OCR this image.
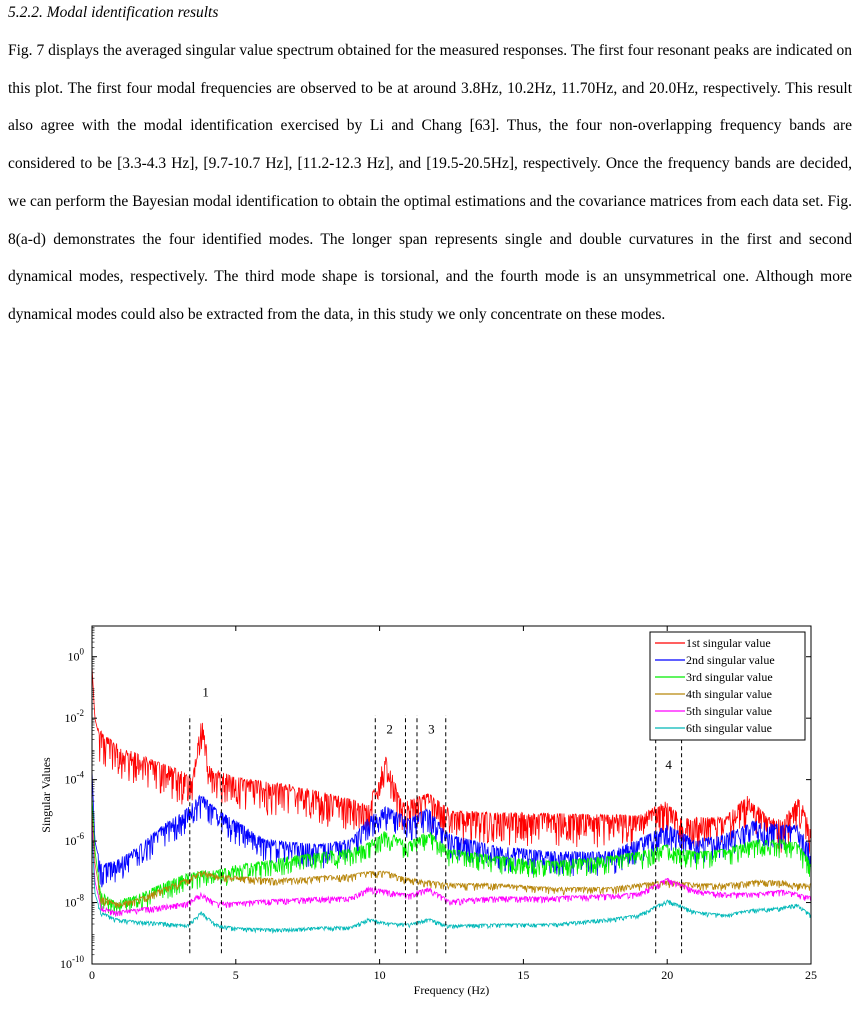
5.2.2. Modal identification results

Fig. 7 displays the averaged singular value spectrum obtained for the measured responses. The first four resonant peaks are indicated on this plot. The first four modal frequencies are observed to be at around 3.8Hz, 10.2Hz, 11.70Hz, and 20.0Hz, respectively. This result also agree with the modal identification exercised by Li and Chang [63]. Thus, the four non-overlapping frequency bands are considered to be [3.3-4.3 Hz], [9.7-10.7 Hz], [11.2-12.3 Hz], and [19.5-20.5Hz], respectively. Once the frequency bands are decided, we can perform the Bayesian modal identification to obtain the optimal estimations and the covariance matrices from each data set. Fig. 8(a-d) demonstrates the four identified modes. The longer span represents single and double curvatures in the first and second dynamical modes, respectively. The third mode shape is torsional, and the fourth mode is an unsymmetrical one. Although more dynamical modes could also be extracted from the data, in this study we only concentrate on these modes.

0	5	10	15	20	25
$10^0$
$10^{-2}$
$10^{-4}$
$10^{-6}$
$10^{-8}$
$10^{-10}$
Frequency (Hz)
Singular Values
1
2	3
4
1st singular value
2nd singular value
3rd singular value
4th singular value
5th singular value
6th singular value
